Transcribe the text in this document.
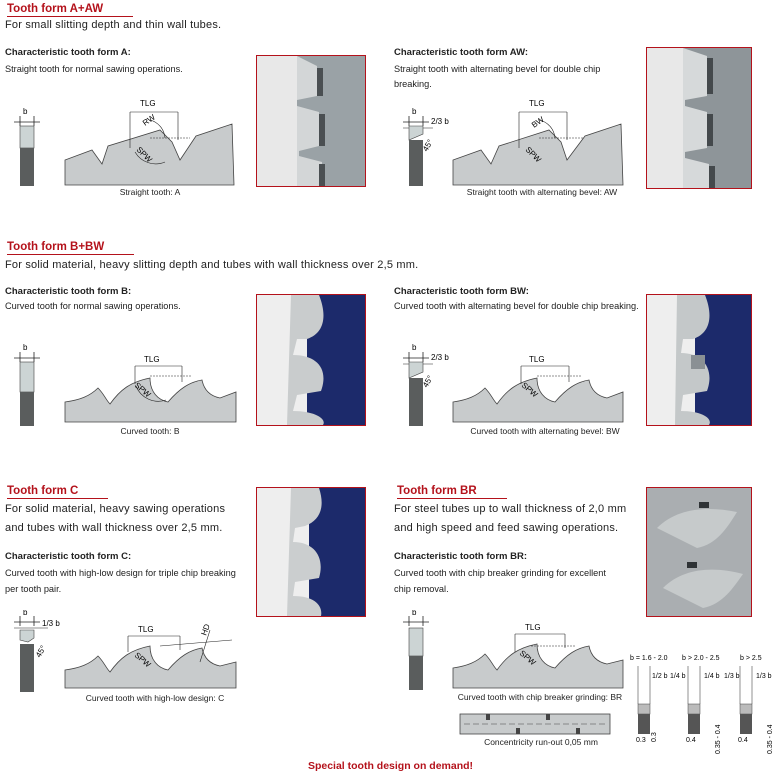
Tooth form A+AW
For small slitting depth and thin wall tubes.
Characteristic tooth form A:
Straight tooth for normal sawing operations.
b
TLG
RW
SPW
Straight tooth: A
Characteristic tooth form AW:
Straight tooth with alternating bevel for double chip
breaking.
b
2/3 b
45°
TLG
BW
SPW
Straight tooth with alternating bevel: AW
Tooth form B+BW
For solid material, heavy slitting depth and tubes with wall thickness over 2,5 mm.
Characteristic tooth form B:
Curved tooth for normal sawing operations.
b
TLG
SPW
Curved tooth: B
Characteristic tooth form BW:
Curved tooth with alternating bevel for double chip breaking.
b
2/3 b
45°
TLG
SPW
Curved tooth with alternating bevel: BW
Tooth form C
For solid material, heavy sawing operations
and tubes with wall thickness over 2,5 mm.
Characteristic tooth form C:
Curved tooth with high-low design for triple chip breaking
per tooth pair.
b
1/3 b
45°
TLG
SPW
HD
Curved tooth with high-low design: C
Tooth form BR
For steel tubes up to wall thickness of 2,0 mm
and high speed and feed sawing operations.
Characteristic tooth form BR:
Curved tooth with chip breaker grinding for excellent
chip removal.
b
TLG
SPW
Curved tooth with chip breaker grinding: BR
Concentricity run-out 0,05 mm
b = 1.6 - 2.0
1/2 b 1/4 b
0.3 0.3
b > 2.0 - 2.5
1/4 b
0.4	0.35 - 0.4
b > 2.5
1/3 b 1/3 b
0.4	0.35 - 0.4
Special tooth design on demand!
